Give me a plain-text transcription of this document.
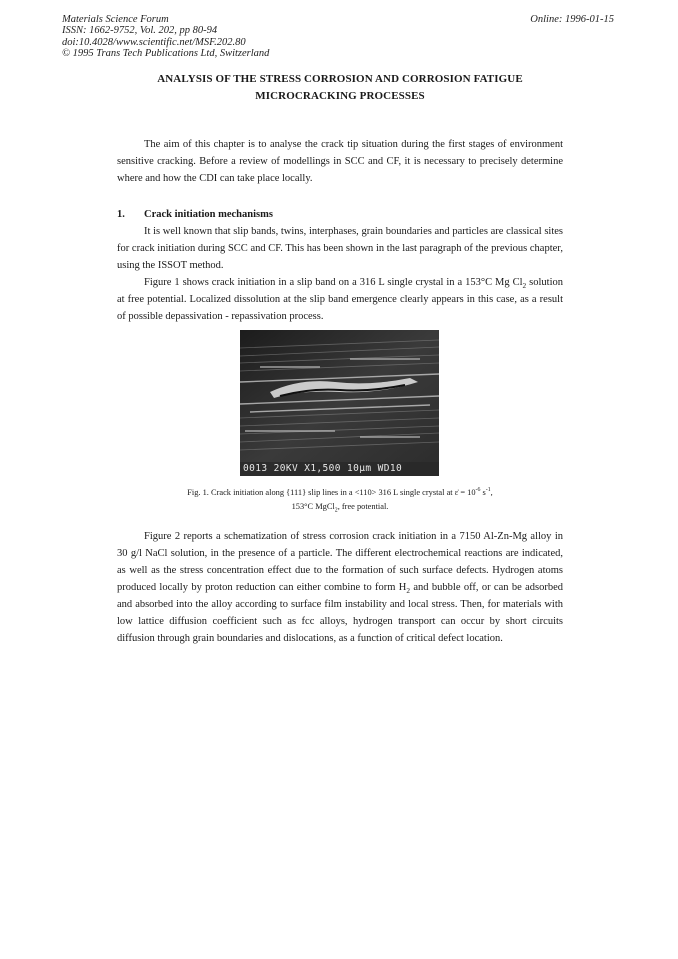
Materials Science Forum
ISSN: 1662-9752, Vol. 202, pp 80-94
doi:10.4028/www.scientific.net/MSF.202.80
© 1995 Trans Tech Publications Ltd, Switzerland
Online: 1996-01-15
ANALYSIS OF THE STRESS CORROSION AND CORROSION FATIGUE
MICROCRACKING PROCESSES

The aim of this chapter is to analyse the crack tip situation during the first stages of environment sensitive cracking. Before a review of modellings in SCC and CF, it is necessary to precisely determine where and how the CDI can take place locally.

1. Crack initiation mechanisms

It is well known that slip bands, twins, interphases, grain boundaries and particles are classical sites for crack initiation during SCC and CF. This has been shown in the last paragraph of the previous chapter, using the ISSOT method.

Figure 1 shows crack initiation in a slip band on a 316 L single crystal in a 153°C Mg $Cl_2$ solution at free potential. Localized dissolution at the slip band emergence clearly appears in this case, as a result of possible depassivation - repassivation process.

0013 20KV X1,500 10μm WD10
Fig. 1. Crack initiation along {111} slip lines in a <110> 316 L single crystal at ε̇ = $10^{-6}$ $s^{-1}$,
153°C MgCl$_2$, free potential.

Figure 2 reports a schematization of stress corrosion crack initiation in a 7150 Al-Zn-Mg alloy in 30 g/l NaCl solution, in the presence of a particle. The different electrochemical reactions are indicated, as well as the stress concentration effect due to the formation of such surface defects. Hydrogen atoms produced locally by proton reduction can either combine to form $H_2$ and bubble off, or can be adsorbed and absorbed into the alloy according to surface film instability and local stress. Then, for materials with low lattice diffusion coefficient such as fcc alloys, hydrogen transport can occur by short circuits diffusion through grain boundaries and dislocations, as a function of critical defect location.
